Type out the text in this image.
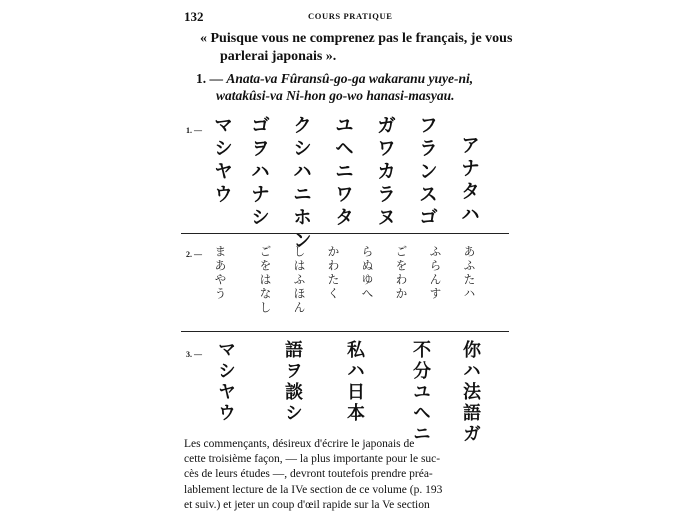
132	COURS PRATIQUE
« Puisque vous ne comprenez pas le français, je vous
parlerai japonais ».
1. — Anata-va Fûransû-go-ga wakaranu yuye-ni,
watakûsi-va Ni-hon go-wo hanasi-masyau.
1. —
アナタハ
フランスゴ
ガワカラヌ
ユヘニワタ
クシハニホン
ゴヲハナシ
マシヤウ
2. —	あふたハ
ふらんす
ごをわか
らぬゆへ
かわたく
しはふほん
ごをはなし
まあやう
3. —	你ハ法語ガ
不分ユヘニ
私ハ日本
語ヲ談シ
マシヤウ
Les commençants, désireux d'écrire le japonais de
cette troisième façon, — la plus importante pour le suc-
cès de leurs études —, devront toutefois prendre préa-
lablement lecture de la IVe section de ce volume (p. 193
et suiv.) et jeter un coup d'œil rapide sur la Ve section
